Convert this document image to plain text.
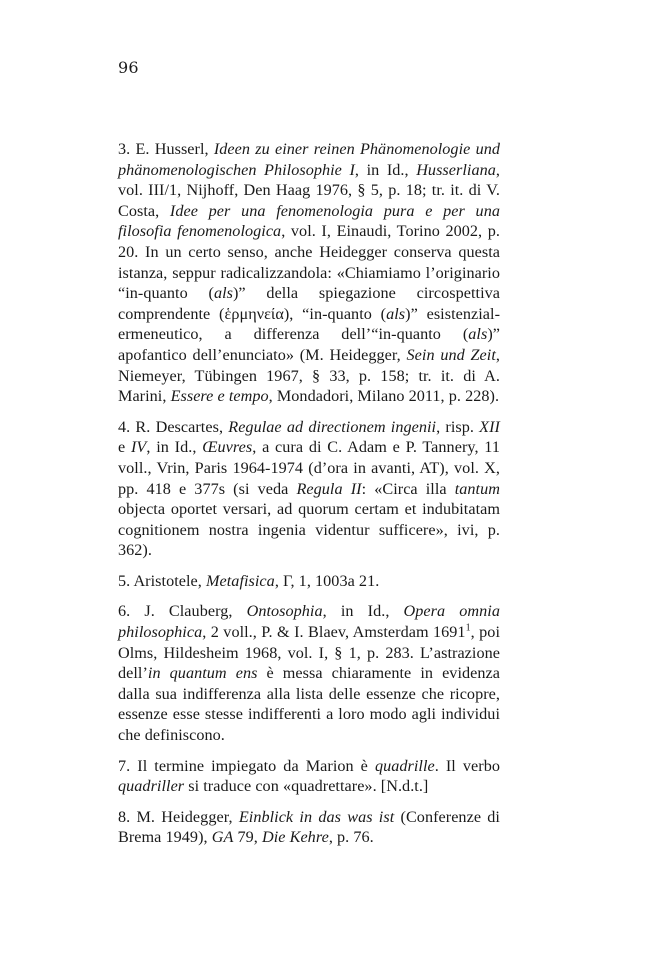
96

3. E. Husserl, Ideen zu einer reinen Phänomenologie und phänomenologischen Philosophie I, in Id., Husserliana, vol. III/1, Nijhoff, Den Haag 1976, § 5, p. 18; tr. it. di V. Costa, Idee per una fenomenologia pura e per una filosofia fenomenologica, vol. I, Einaudi, Torino 2002, p. 20. In un certo senso, anche Heidegger conserva questa istanza, seppur radicalizzandola: «Chiamiamo l’originario “in-quanto (als)” della spiegazione circospettiva comprendente (ἑρμηνεία), “in-quanto (als)” esistenzial-ermeneutico, a differenza dell’“in-quanto (als)” apofantico dell’enunciato» (M. Heidegger, Sein und Zeit, Niemeyer, Tübingen 1967, § 33, p. 158; tr. it. di A. Marini, Essere e tempo, Mondadori, Milano 2011, p. 228).

4. R. Descartes, Regulae ad directionem ingenii, risp. XII e IV, in Id., Œuvres, a cura di C. Adam e P. Tannery, 11 voll., Vrin, Paris 1964-1974 (d’ora in avanti, AT), vol. X, pp. 418 e 377s (si veda Regula II: «Circa illa tantum objecta oportet versari, ad quorum certam et indubitatam cognitionem nostra ingenia videntur sufficere», ivi, p. 362).

5. Aristotele, Metafisica, Γ, 1, 1003a 21.

6. J. Clauberg, Ontosophia, in Id., Opera omnia philosophica, 2 voll., P. & I. Blaev, Amsterdam 1691$^1$, poi Olms, Hildesheim 1968, vol. I, § 1, p. 283. L’astrazione dell’in quantum ens è messa chiaramente in evidenza dalla sua indifferenza alla lista delle essenze che ricopre, essenze esse stesse indifferenti a loro modo agli individui che definiscono.

7. Il termine impiegato da Marion è quadrille. Il verbo quadriller si traduce con «quadrettare». [N.d.t.]

8. M. Heidegger, Einblick in das was ist (Conferenze di Brema 1949), GA 79, Die Kehre, p. 76.
